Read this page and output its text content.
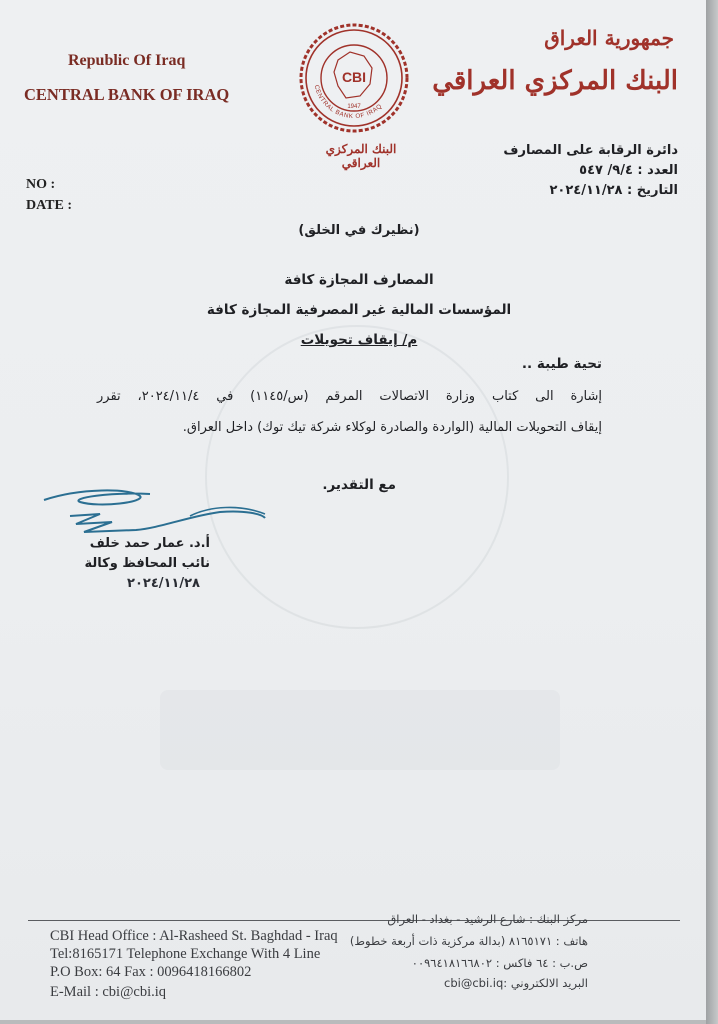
Republic Of Iraq
CENTRAL BANK OF IRAQ
CBI
CENTRAL BANK OF IRAQ
1947
البنك المركزي العراقي
جمهورية العراق
البنك المركزي العراقي
NO :
DATE :
دائرة الرقابة على المصارف
العدد : ٩/٤/ ٥٤٧
التاريخ : ٢٠٢٤/١١/٢٨
(نظيرك في الخلق)
المصارف المجازة كافة
المؤسسات المالية غير المصرفية المجازة كافة
م/ إيقاف تحويلات
تحية طيبة ..
إشارة الى كتاب وزارة الاتصالات المرقم (س/١١٤٥) في ٢٠٢٤/١١/٤، تقرر
إيقاف التحويلات المالية (الواردة والصادرة لوكلاء شركة تيك توك) داخل العراق.
مع التقدير.
أ.د. عمار حمد خلف
نائب المحافظ وكالة
٢٠٢٤/١١/٢٨
CBI Head Office : Al-Rasheed St. Baghdad - Iraq
Tel:8165171 Telephone Exchange With 4 Line
P.O Box: 64 Fax : 0096418166802
E-Mail : cbi@cbi.iq
مركز البنك : شارع الرشيد - بغداد - العراق
هاتف : ٨١٦٥١٧١ (بدالة مركزية ذات أربعة خطوط)
ص.ب : ٦٤ فاكس : ٠٠٩٦٤١٨١٦٦٨٠٢
البريد الالكتروني :cbi@cbi.iq
